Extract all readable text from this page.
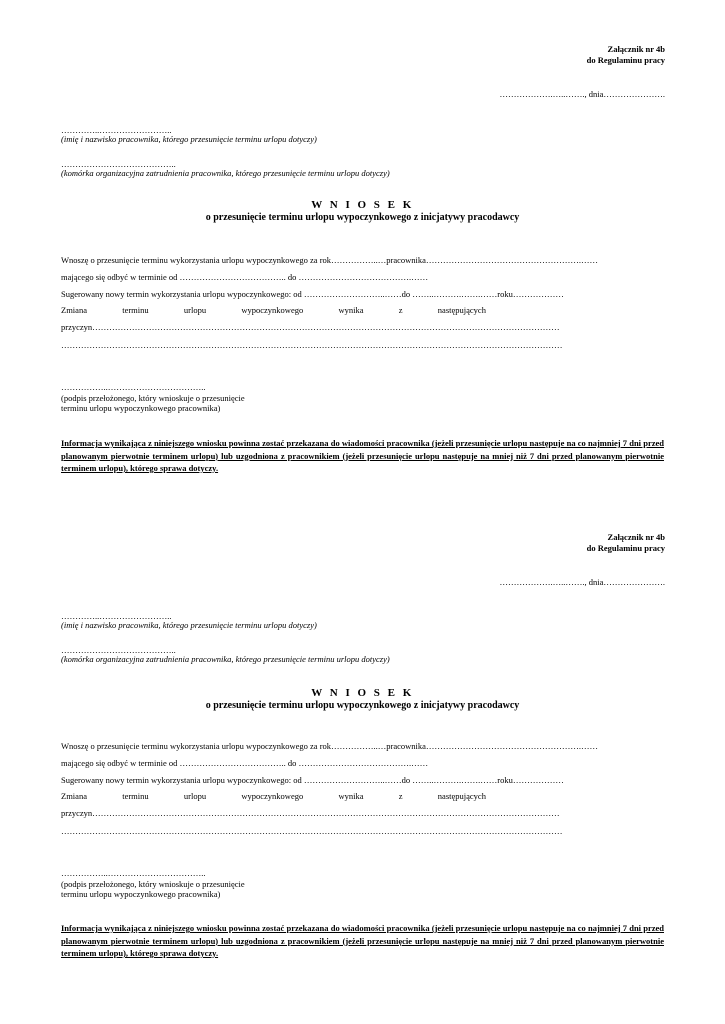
Załącznik nr 4b
do Regulaminu pracy
……………….…..……., dnia………………….
…………..……………………..
(imię i nazwisko pracownika, którego przesunięcie terminu urlopu dotyczy)
…………………………………..
(komórka organizacyjna zatrudnienia pracownika, którego przesunięcie terminu urlopu dotyczy)
W N I O S E K
o przesunięcie terminu urlopu wypoczynkowego z inicjatywy pracodawcy
Wnoszę o przesunięcie terminu wykorzystania urlopu wypoczynkowego za rok……………..…pracownika……………………………………………….……
mającego się odbyć w terminie od ……………………………….. do ………………………………….……
Sugerowany nowy termin wykorzystania urlopu wypoczynkowego: od ………………………..……do ……..……….…….……roku………………
Zmiana	terminu	urlopu	wypoczynkowego	wynika	z	następujących
przyczyn…………………………………………………………………………………………………………………………………………………
……………………………………………………………………………………………………………………………………………………………
……………..……………………………..
(podpis przełożonego, który wnioskuje o przesunięcie
terminu urlopu wypoczynkowego pracownika)
Informacja wynikająca z niniejszego wniosku powinna zostać przekazana do wiadomości pracownika (jeżeli przesunięcie urlopu następuje na co najmniej 7 dni przed planowanym pierwotnie terminem urlopu) lub uzgodniona z pracownikiem (jeżeli przesunięcie urlopu następuje na mniej niż 7 dni przed planowanym pierwotnie terminem urlopu), którego sprawa dotyczy.
Załącznik nr 4b
do Regulaminu pracy
……………….…..……., dnia………………….
…………..……………………..
(imię i nazwisko pracownika, którego przesunięcie terminu urlopu dotyczy)
…………………………………..
(komórka organizacyjna zatrudnienia pracownika, którego przesunięcie terminu urlopu dotyczy)
W N I O S E K
o przesunięcie terminu urlopu wypoczynkowego z inicjatywy pracodawcy
Wnoszę o przesunięcie terminu wykorzystania urlopu wypoczynkowego za rok……………..…pracownika……………………………………………….……
mającego się odbyć w terminie od ……………………………….. do ………………………………….……
Sugerowany nowy termin wykorzystania urlopu wypoczynkowego: od ………………………..……do ……..……….…….……roku………………
Zmiana	terminu	urlopu	wypoczynkowego	wynika	z	następujących
przyczyn…………………………………………………………………………………………………………………………………………………
……………………………………………………………………………………………………………………………………………………………
……………..……………………………..
(podpis przełożonego, który wnioskuje o przesunięcie
terminu urlopu wypoczynkowego pracownika)
Informacja wynikająca z niniejszego wniosku powinna zostać przekazana do wiadomości pracownika (jeżeli przesunięcie urlopu następuje na co najmniej 7 dni przed planowanym pierwotnie terminem urlopu) lub uzgodniona z pracownikiem (jeżeli przesunięcie urlopu następuje na mniej niż 7 dni przed planowanym pierwotnie terminem urlopu), którego sprawa dotyczy.
